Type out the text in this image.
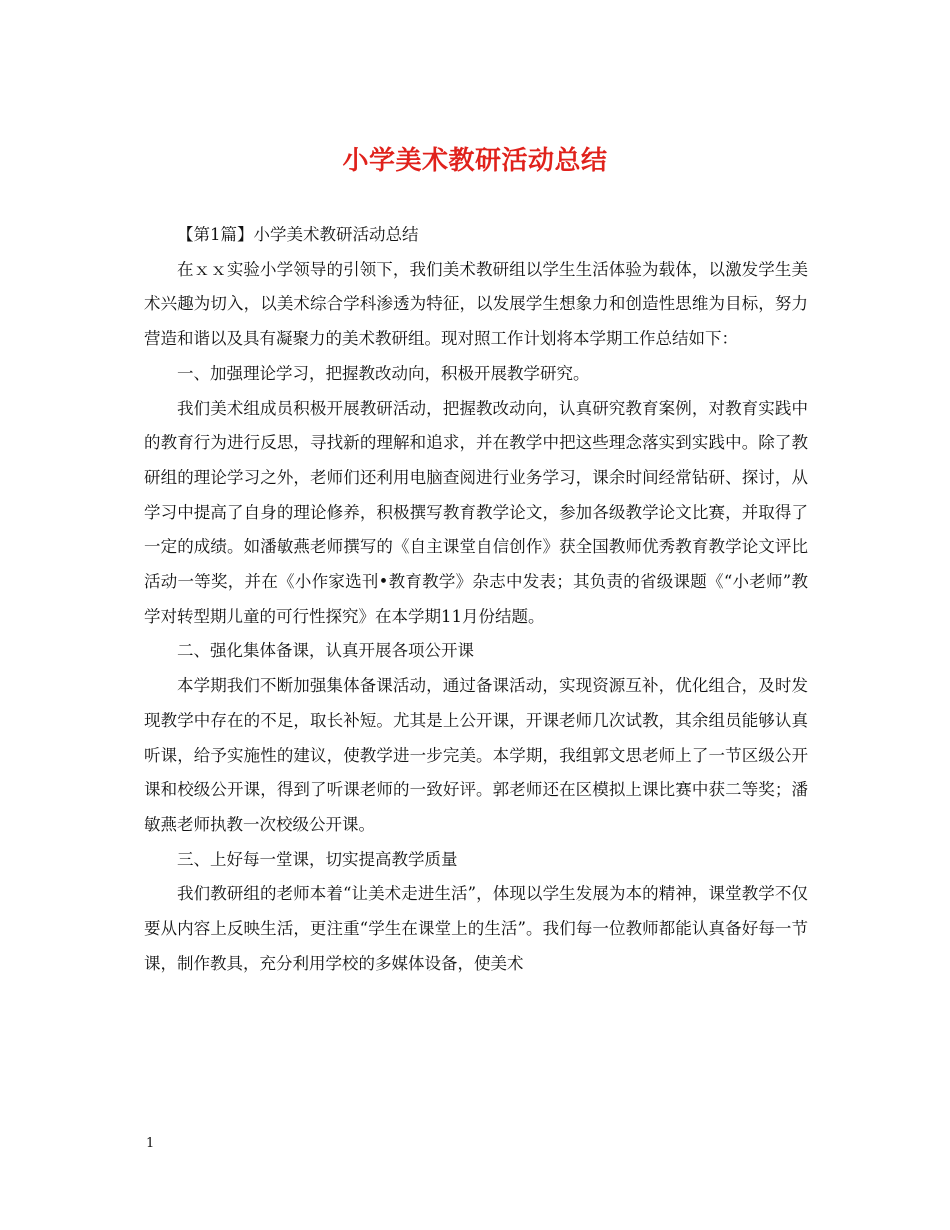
小学美术教研活动总结

【第1篇】小学美术教研活动总结

在ｘｘ实验小学领导的引领下，我们美术教研组以学生生活体验为载体，以激发学生美术兴趣为切入，以美术综合学科渗透为特征，以发展学生想象力和创造性思维为目标，努力营造和谐以及具有凝聚力的美术教研组。现对照工作计划将本学期工作总结如下：

一、加强理论学习，把握教改动向，积极开展教学研究。

我们美术组成员积极开展教研活动，把握教改动向，认真研究教育案例，对教育实践中的教育行为进行反思，寻找新的理解和追求，并在教学中把这些理念落实到实践中。除了教研组的理论学习之外，老师们还利用电脑查阅进行业务学习，课余时间经常钻研、探讨，从学习中提高了自身的理论修养，积极撰写教育教学论文，参加各级教学论文比赛，并取得了一定的成绩。如潘敏燕老师撰写的《自主课堂自信创作》获全国教师优秀教育教学论文评比活动一等奖，并在《小作家选刊•教育教学》杂志中发表；其负责的省级课题《“小老师”教学对转型期儿童的可行性探究》在本学期11月份结题。

二、强化集体备课，认真开展各项公开课

本学期我们不断加强集体备课活动，通过备课活动，实现资源互补，优化组合，及时发现教学中存在的不足，取长补短。尤其是上公开课，开课老师几次试教，其余组员能够认真听课，给予实施性的建议，使教学进一步完美。本学期，我组郭文思老师上了一节区级公开课和校级公开课，得到了听课老师的一致好评。郭老师还在区模拟上课比赛中获二等奖；潘敏燕老师执教一次校级公开课。

三、上好每一堂课，切实提高教学质量

我们教研组的老师本着“让美术走进生活”，体现以学生发展为本的精神，课堂教学不仅要从内容上反映生活，更注重“学生在课堂上的生活”。我们每一位教师都能认真备好每一节课，制作教具，充分利用学校的多媒体设备，使美术

1
